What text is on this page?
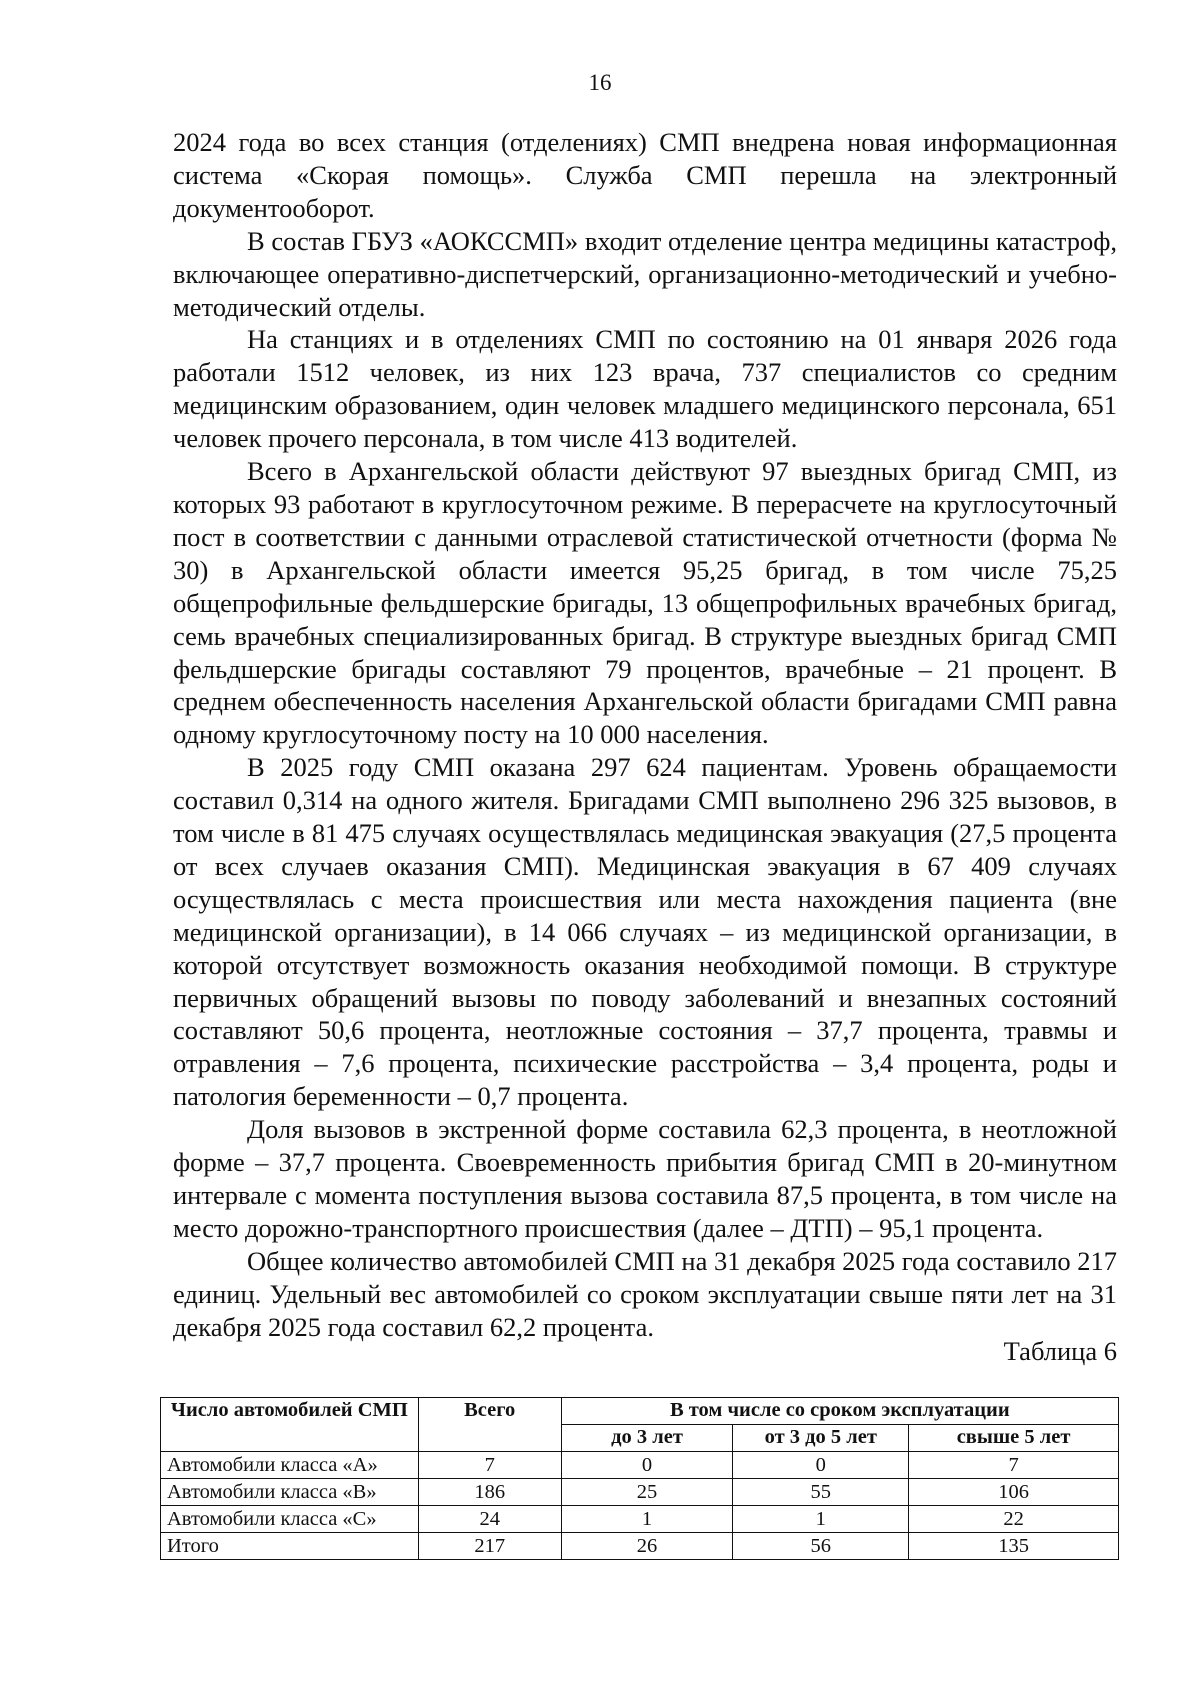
16

2024 года во всех станция (отделениях) СМП внедрена новая информационная система «Скорая помощь». Служба СМП перешла на электронный документооборот.

В состав ГБУЗ «АОКССМП» входит отделение центра медицины катастроф, включающее оперативно-диспетчерский, организационно-методический и учебно-методический отделы.

На станциях и в отделениях СМП по состоянию на 01 января 2026 года работали 1512 человек, из них 123 врача, 737 специалистов со средним медицинским образованием, один человек младшего медицинского персонала, 651 человек прочего персонала, в том числе 413 водителей.

Всего в Архангельской области действуют 97 выездных бригад СМП, из которых 93 работают в круглосуточном режиме. В перерасчете на круглосуточный пост в соответствии с данными отраслевой статистической отчетности (форма № 30) в Архангельской области имеется 95,25 бригад, в том числе 75,25 общепрофильные фельдшерские бригады, 13 общепрофильных врачебных бригад, семь врачебных специализированных бригад. В структуре выездных бригад СМП фельдшерские бригады составляют 79 процентов, врачебные – 21 процент. В среднем обеспеченность населения Архангельской области бригадами СМП равна одному круглосуточному посту на 10 000 населения.

В 2025 году СМП оказана 297 624 пациентам. Уровень обращаемости составил 0,314 на одного жителя. Бригадами СМП выполнено 296 325 вызовов, в том числе в 81 475 случаях осуществлялась медицинская эвакуация (27,5 процента от всех случаев оказания СМП). Медицинская эвакуация в 67 409 случаях осуществлялась с места происшествия или места нахождения пациента (вне медицинской организации), в 14 066 случаях – из медицинской организации, в которой отсутствует возможность оказания необходимой помощи. В структуре первичных обращений вызовы по поводу заболеваний и внезапных состояний составляют 50,6 процента, неотложные состояния – 37,7 процента, травмы и отравления – 7,6 процента, психические расстройства – 3,4 процента, роды и патология беременности – 0,7 процента.

Доля вызовов в экстренной форме составила 62,3 процента, в неотложной форме – 37,7 процента. Своевременность прибытия бригад СМП в 20-минутном интервале с момента поступления вызова составила 87,5 процента, в том числе на место дорожно-транспортного происшествия (далее – ДТП) – 95,1 процента.

Общее количество автомобилей СМП на 31 декабря 2025 года составило 217 единиц. Удельный вес автомобилей со сроком эксплуатации свыше пяти лет на 31 декабря 2025 года составил 62,2 процента.

Таблица 6
Число автомобилей СМП	Всего	В том числе со сроком эксплуатации		
		до 3 лет	от 3 до 5 лет	свыше 5 лет
Автомобили класса «А»	7	0	0	7
Автомобили класса «В»	186	25	55	106
Автомобили класса «С»	24	1	1	22
Итого	217	26	56	135
